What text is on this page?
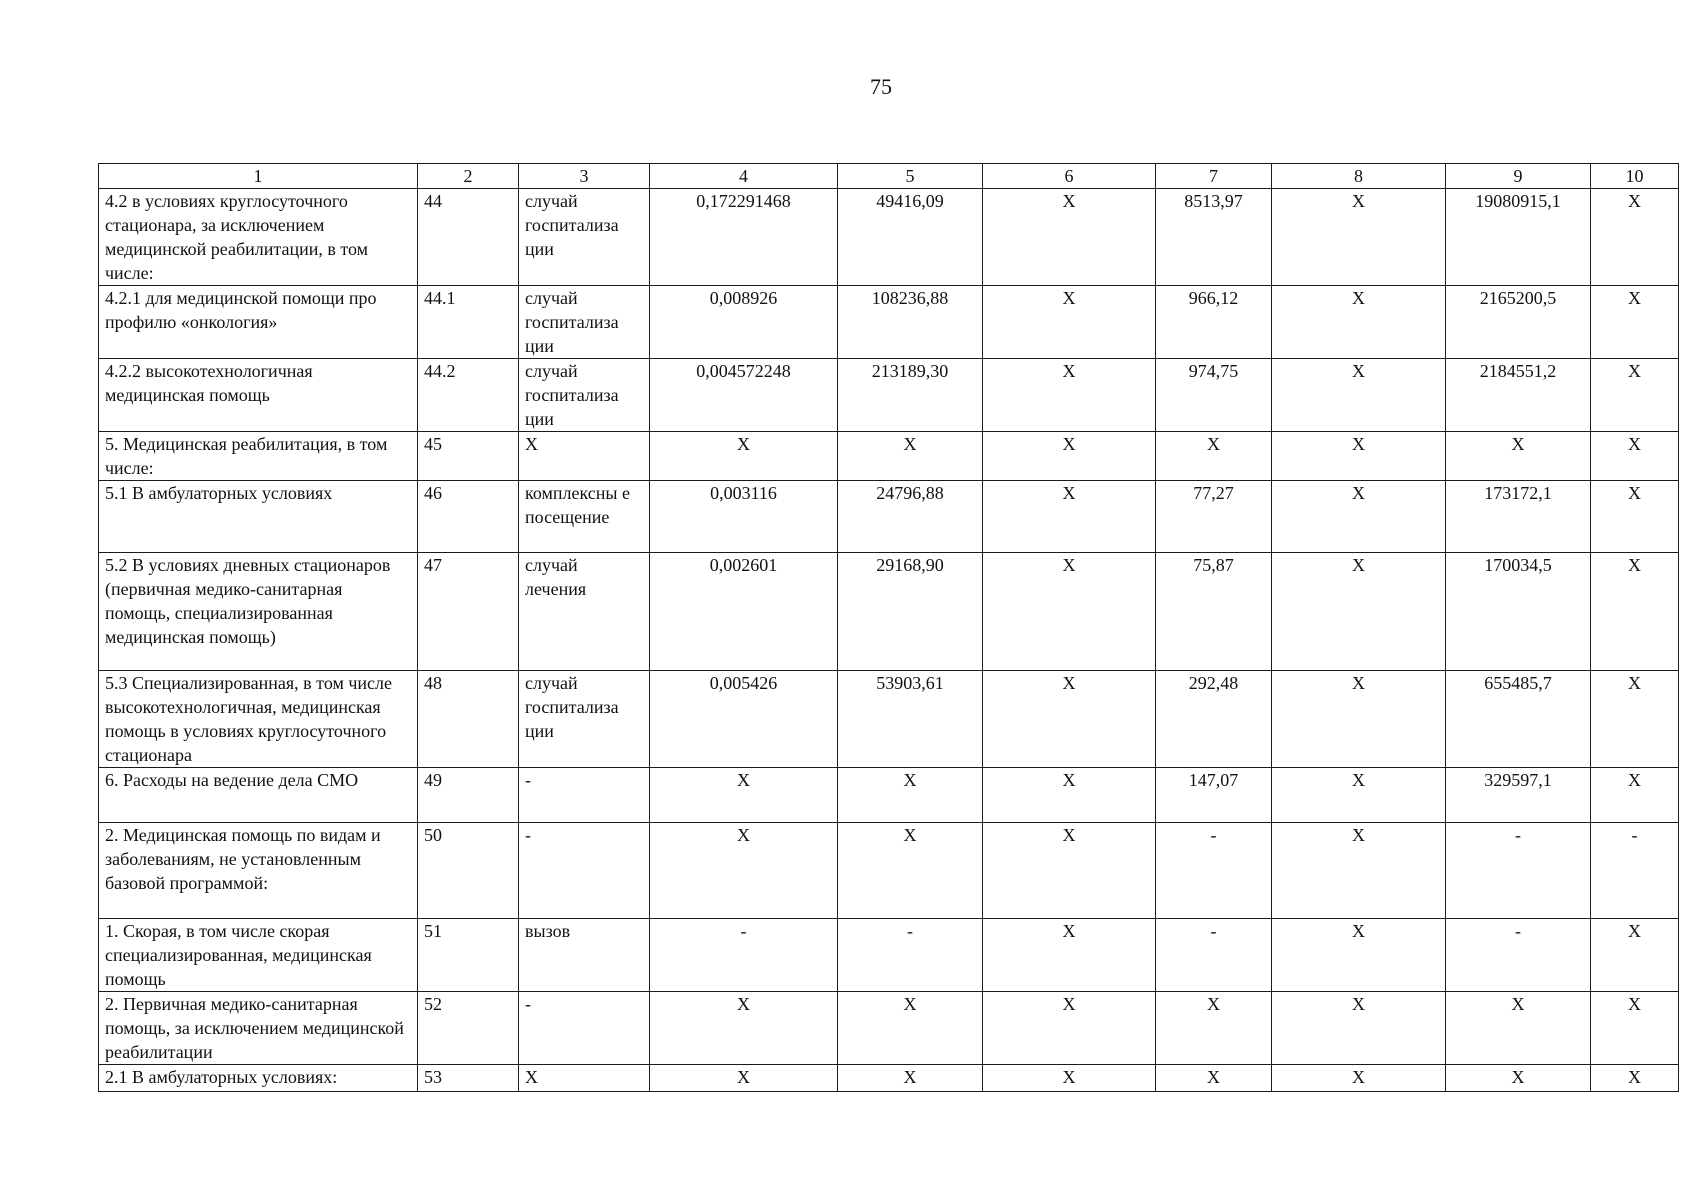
75
1	2	3	4	5	6	7	8	9	10
4.2 в условиях круглосуточного стационара, за исключением медицинской реабилитации, в том числе:	44	случай госпитализа ции	0,172291468	49416,09	X	8513,97	X	19080915,1	X
4.2.1 для медицинской помощи про профилю «онкология»	44.1	случай госпитализа ции	0,008926	108236,88	X	966,12	X	2165200,5	X
4.2.2 высокотехнологичная медицинская помощь	44.2	случай госпитализа ции	0,004572248	213189,30	X	974,75	X	2184551,2	X
5. Медицинская реабилитация, в том числе:	45	X	X	X	X	X	X	X	X
5.1 В амбулаторных условиях	46	комплексны е посещение	0,003116	24796,88	X	77,27	X	173172,1	X
5.2 В условиях дневных стационаров (первичная медико-санитарная помощь, специализированная медицинская помощь)	47	случай лечения	0,002601	29168,90	X	75,87	X	170034,5	X
5.3 Специализированная, в том числе высокотехнологичная, медицинская помощь в условиях круглосуточного стационара	48	случай госпитализа ции	0,005426	53903,61	X	292,48	X	655485,7	X
6. Расходы на ведение дела СМО	49	-	X	X	X	147,07	X	329597,1	X
2. Медицинская помощь по видам и заболеваниям, не установленным базовой программой:	50	-	X	X	X	-	X	-	-
1. Скорая, в том числе скорая специализированная, медицинская помощь	51	вызов	-	-	X	-	X	-	X
2. Первичная медико-санитарная помощь, за исключением медицинской реабилитации	52	-	X	X	X	X	X	X	X
2.1 В амбулаторных условиях:	53	X	X	X	X	X	X	X	X
